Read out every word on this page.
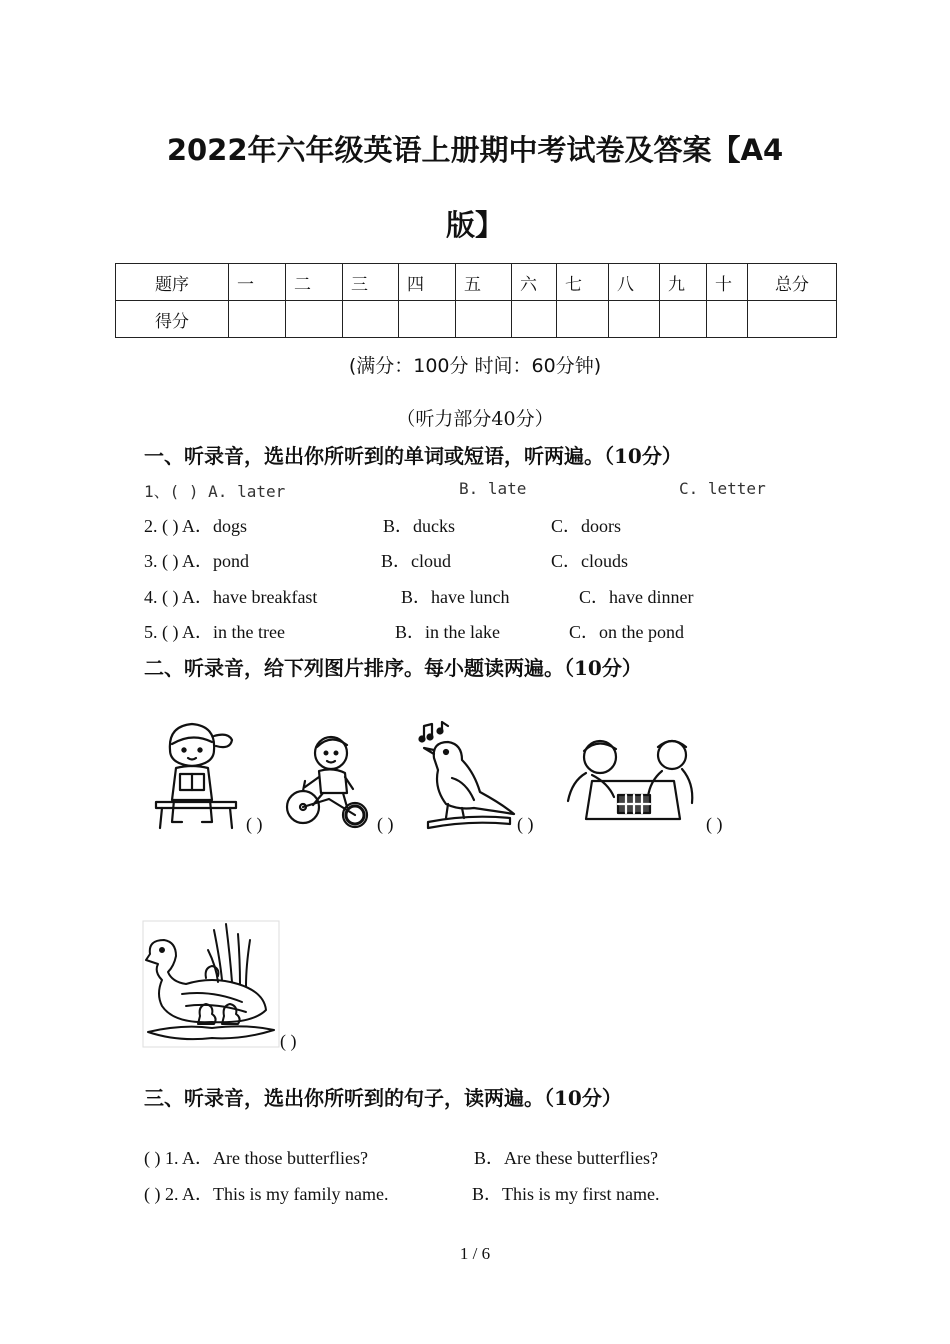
2022年六年级英语上册期中考试卷及答案【A4
版】
题序	一	二	三	四	五	六	七	八	九	十	总分
得分											
(满分：100分 时间：60分钟)
（听力部分40分）
一、听录音，选出你所听到的单词或短语，听两遍。（10分）
1、( ) A. later	B. late	C. letter
2. ( ) A．dogs	B．ducks	C．doors
3. ( ) A．pond	B．cloud	C．clouds
4. ( ) A．have breakfast	B．have lunch	C．have dinner
5. ( ) A．in the tree	B．in the lake	C．on the pond
二、听录音，给下列图片排序。每小题读两遍。（10分）
( )	( )	( )	( )
( )
三、听录音，选出你所听到的句子，读两遍。（10分）
( ) 1. A．Are those butterflies?	B．Are these butterflies?
( ) 2. A．This is my family name.	B．This is my first name.
1 / 6
